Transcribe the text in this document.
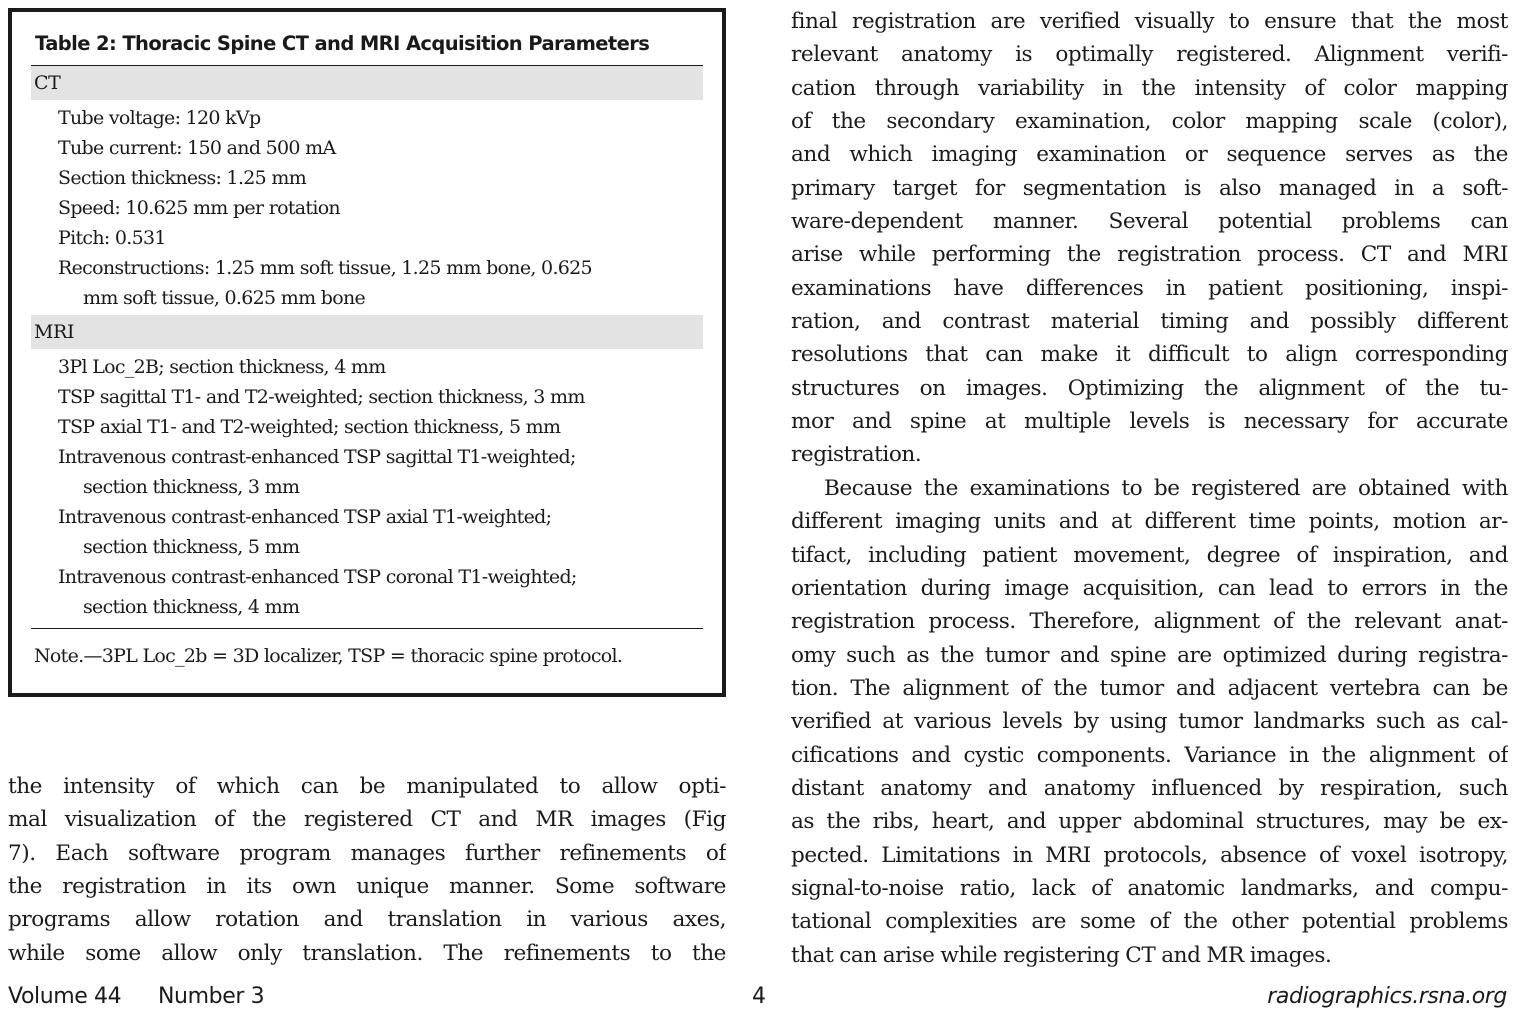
Table 2: Thoracic Spine CT and MRI Acquisition Parameters
CT
Tube voltage: 120 kVp
Tube current: 150 and 500 mA
Section thickness: 1.25 mm
Speed: 10.625 mm per rotation
Pitch: 0.531
Reconstructions: 1.25 mm soft tissue, 1.25 mm bone, 0.625
mm soft tissue, 0.625 mm bone
MRI
3Pl Loc_2B; section thickness, 4 mm
TSP sagittal T1- and T2-weighted; section thickness, 3 mm
TSP axial T1- and T2-weighted; section thickness, 5 mm
Intravenous contrast-enhanced TSP sagittal T1-weighted;
section thickness, 3 mm
Intravenous contrast-enhanced TSP axial T1-weighted;
section thickness, 5 mm
Intravenous contrast-enhanced TSP coronal T1-weighted;
section thickness, 4 mm
Note.—3PL Loc_2b = 3D localizer, TSP = thoracic spine protocol.

the intensity of which can be manipulated to allow opti-
mal visualization of the registered CT and MR images (Fig
7). Each software program manages further refinements of
the registration in its own unique manner. Some software
programs allow rotation and translation in various axes,
while some allow only translation. The refinements to the

final registration are verified visually to ensure that the most
relevant anatomy is optimally registered. Alignment verifi-
cation through variability in the intensity of color mapping
of the secondary examination, color mapping scale (color),
and which imaging examination or sequence serves as the
primary target for segmentation is also managed in a soft-
ware-dependent manner. Several potential problems can
arise while performing the registration process. CT and MRI
examinations have differences in patient positioning, inspi-
ration, and contrast material timing and possibly different
resolutions that can make it difficult to align corresponding
structures on images. Optimizing the alignment of the tu-
mor and spine at multiple levels is necessary for accurate
registration.

Because the examinations to be registered are obtained with
different imaging units and at different time points, motion ar-
tifact, including patient movement, degree of inspiration, and
orientation during image acquisition, can lead to errors in the
registration process. Therefore, alignment of the relevant anat-
omy such as the tumor and spine are optimized during registra-
tion. The alignment of the tumor and adjacent vertebra can be
verified at various levels by using tumor landmarks such as cal-
cifications and cystic components. Variance in the alignment of
distant anatomy and anatomy influenced by respiration, such
as the ribs, heart, and upper abdominal structures, may be ex-
pected. Limitations in MRI protocols, absence of voxel isotropy,
signal-to-noise ratio, lack of anatomic landmarks, and compu-
tational complexities are some of the other potential problems
that can arise while registering CT and MR images.

Volume 44 Number 3	4	radiographics.rsna.org
